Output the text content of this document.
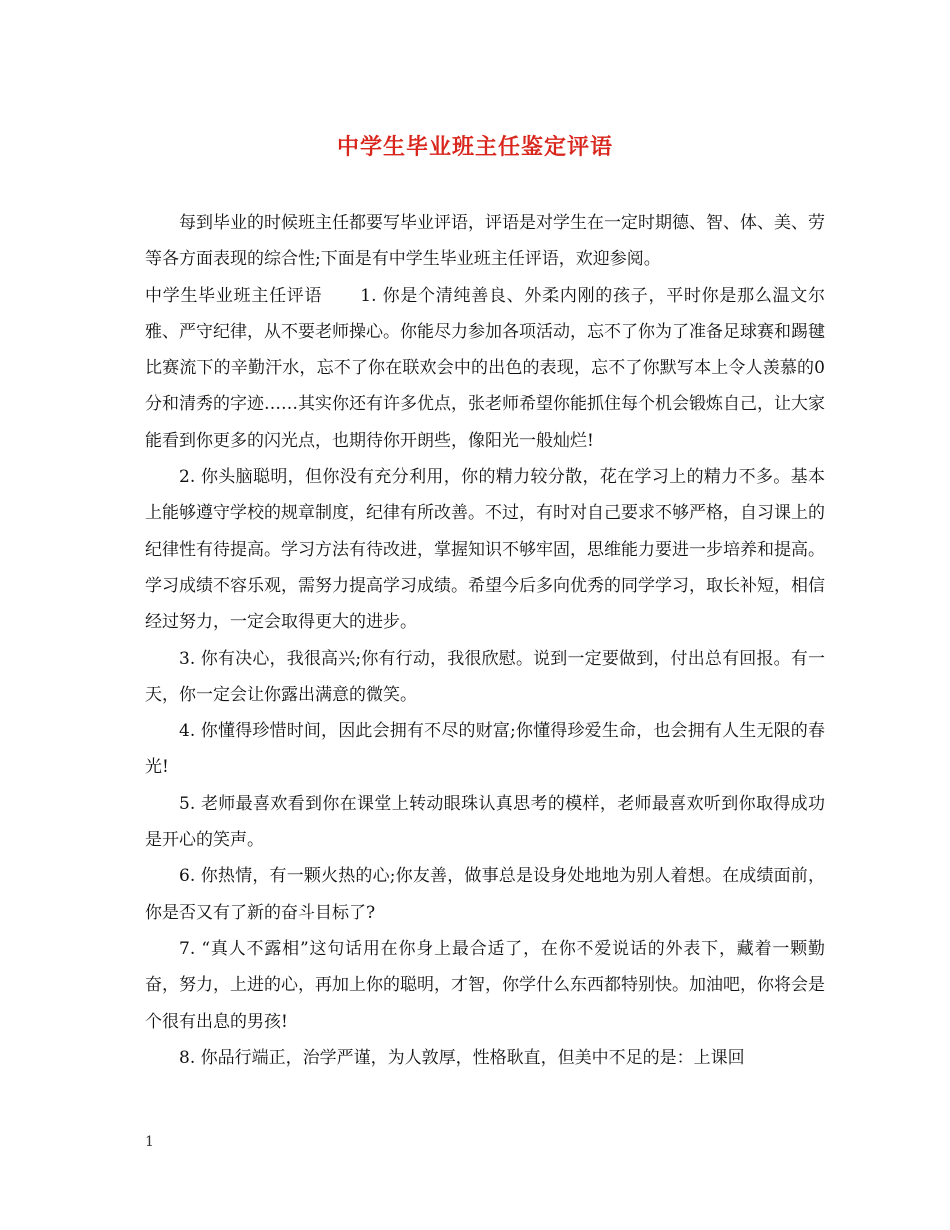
中学生毕业班主任鉴定评语

每到毕业的时候班主任都要写毕业评语，评语是对学生在一定时期德、智、体、美、劳等各方面表现的综合性;下面是有中学生毕业班主任评语，欢迎参阅。

中学生毕业班主任评语 1. 你是个清纯善良、外柔内刚的孩子，平时你是那么温文尔雅、严守纪律，从不要老师操心。你能尽力参加各项活动，忘不了你为了准备足球赛和踢毽比赛流下的辛勤汗水，忘不了你在联欢会中的出色的表现，忘不了你默写本上令人羡慕的0分和清秀的字迹……其实你还有许多优点，张老师希望你能抓住每个机会锻炼自己，让大家能看到你更多的闪光点，也期待你开朗些，像阳光一般灿烂!

2. 你头脑聪明，但你没有充分利用，你的精力较分散，花在学习上的精力不多。基本上能够遵守学校的规章制度，纪律有所改善。不过，有时对自己要求不够严格，自习课上的纪律性有待提高。学习方法有待改进，掌握知识不够牢固，思维能力要进一步培养和提高。学习成绩不容乐观，需努力提高学习成绩。希望今后多向优秀的同学学习，取长补短，相信经过努力，一定会取得更大的进步。

3. 你有决心，我很高兴;你有行动，我很欣慰。说到一定要做到，付出总有回报。有一天，你一定会让你露出满意的微笑。

4. 你懂得珍惜时间，因此会拥有不尽的财富;你懂得珍爱生命，也会拥有人生无限的春光!

5. 老师最喜欢看到你在课堂上转动眼珠认真思考的模样，老师最喜欢听到你取得成功是开心的笑声。

6. 你热情，有一颗火热的心;你友善，做事总是设身处地地为别人着想。在成绩面前，你是否又有了新的奋斗目标了?

7. “真人不露相”这句话用在你身上最合适了，在你不爱说话的外表下，藏着一颗勤奋，努力，上进的心，再加上你的聪明，才智，你学什么东西都特别快。加油吧，你将会是个很有出息的男孩!

8. 你品行端正，治学严谨，为人敦厚，性格耿直，但美中不足的是：上课回

1
